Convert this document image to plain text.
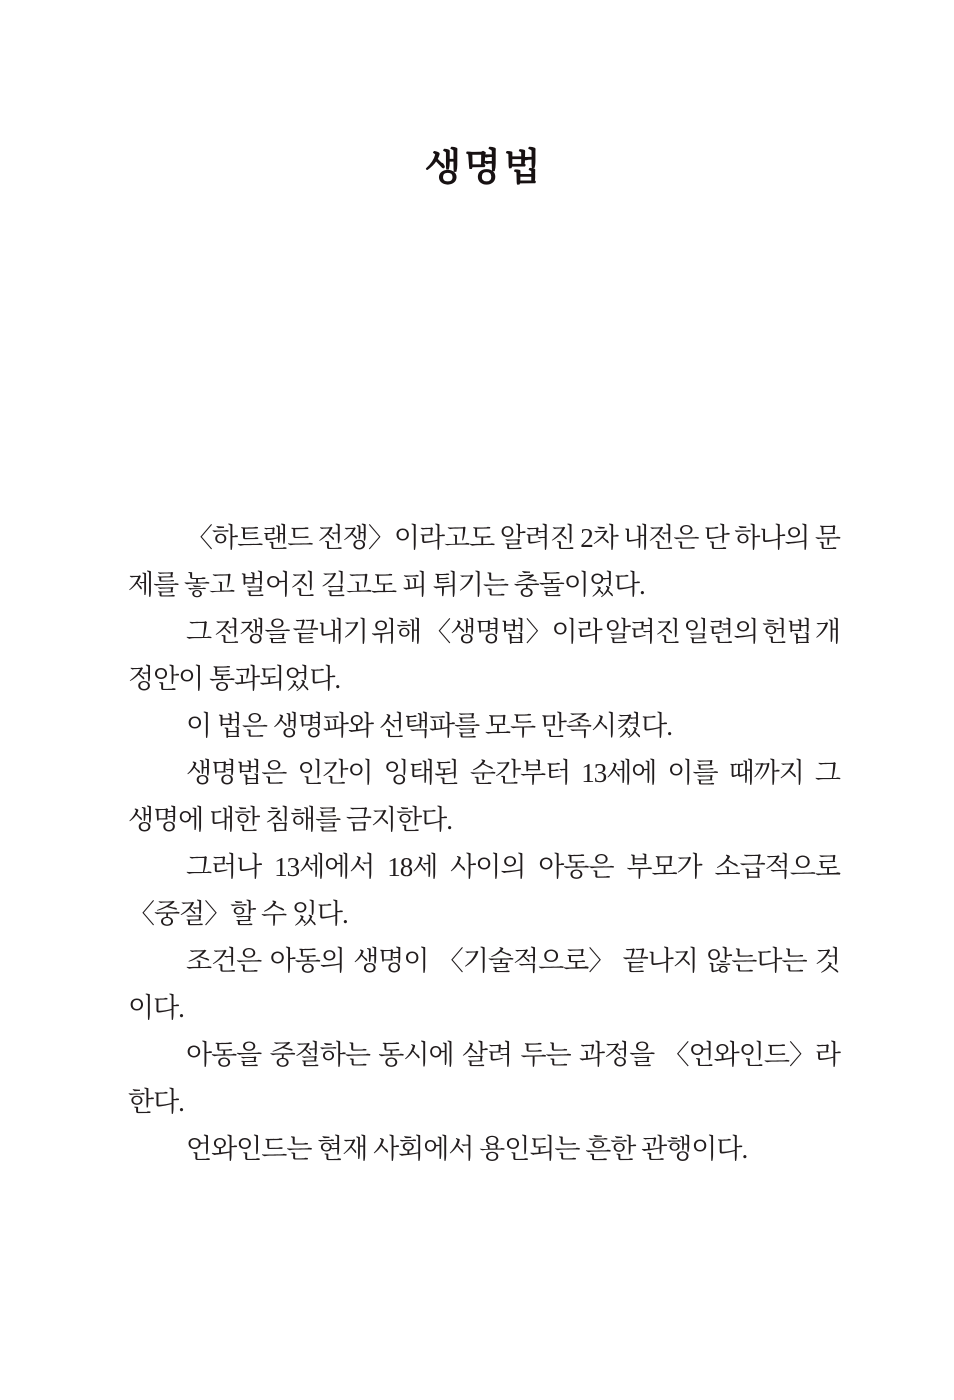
생명법
〈하트랜드 전쟁〉이라고도 알려진 2차 내전은 단 하나의 문
제를 놓고 벌어진 길고도 피 튀기는 충돌이었다.
그 전쟁을 끝내기 위해 〈생명법〉이라 알려진 일련의 헌법 개
정안이 통과되었다.
이 법은 생명파와 선택파를 모두 만족시켰다.
생명법은 인간이 잉태된 순간부터 13세에 이를 때까지 그
생명에 대한 침해를 금지한다.
그러나 13세에서 18세 사이의 아동은 부모가 소급적으로
〈중절〉할 수 있다.
조건은 아동의 생명이 〈기술적으로〉 끝나지 않는다는 것
이다.
아동을 중절하는 동시에 살려 두는 과정을 〈언와인드〉라
한다.
언와인드는 현재 사회에서 용인되는 흔한 관행이다.
